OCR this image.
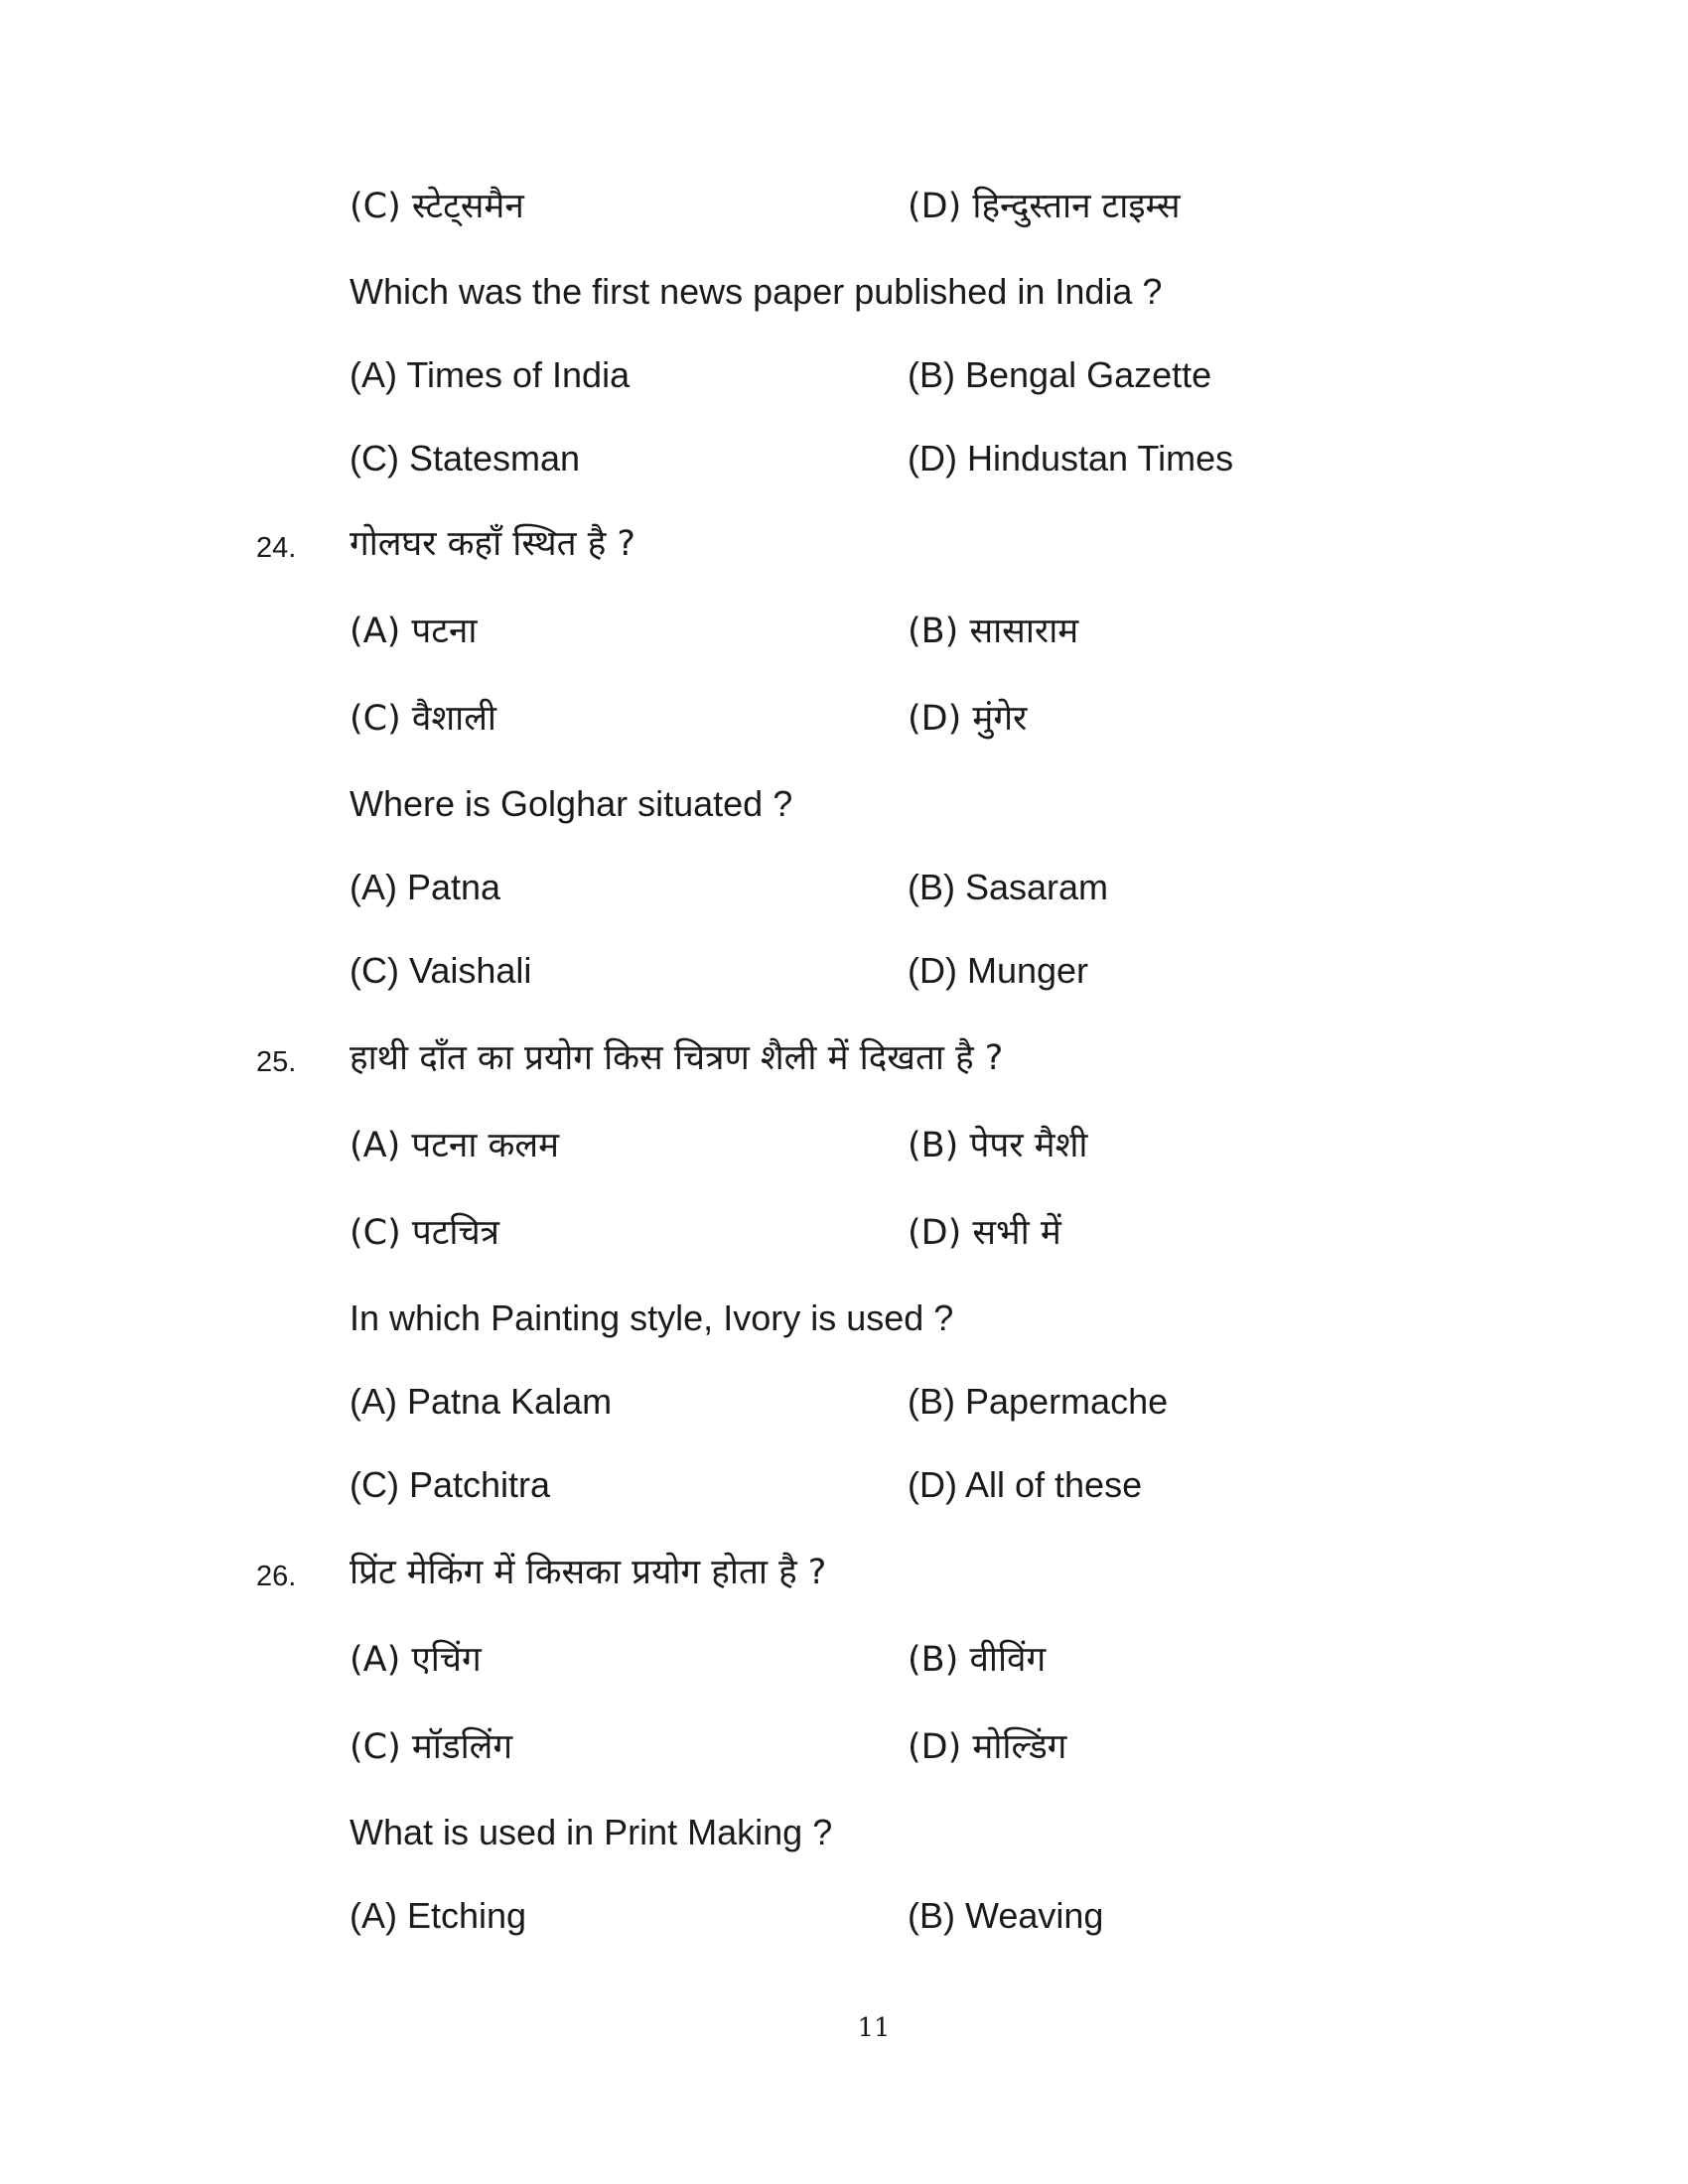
(C) स्टेट्समैन	(D) हिन्दुस्तान टाइम्स
Which was the first news paper published in India ?
(A) Times of India	(B) Bengal Gazette
(C) Statesman	(D) Hindustan Times
24. गोलघर कहाँ स्थित है ?
(A) पटना	(B) सासाराम
(C) वैशाली	(D) मुंगेर
Where is Golghar situated ?
(A) Patna	(B) Sasaram
(C) Vaishali	(D) Munger
25. हाथी दाँत का प्रयोग किस चित्रण शैली में दिखता है ?
(A) पटना कलम	(B) पेपर मैशी
(C) पटचित्र	(D) सभी में
In which Painting style, Ivory is used ?
(A) Patna Kalam	(B) Papermache
(C) Patchitra	(D) All of these
26. प्रिंट मेकिंग में किसका प्रयोग होता है ?
(A) एचिंग	(B) वीविंग
(C) मॉडलिंग	(D) मोल्डिंग
What is used in Print Making ?
(A) Etching	(B) Weaving
11
